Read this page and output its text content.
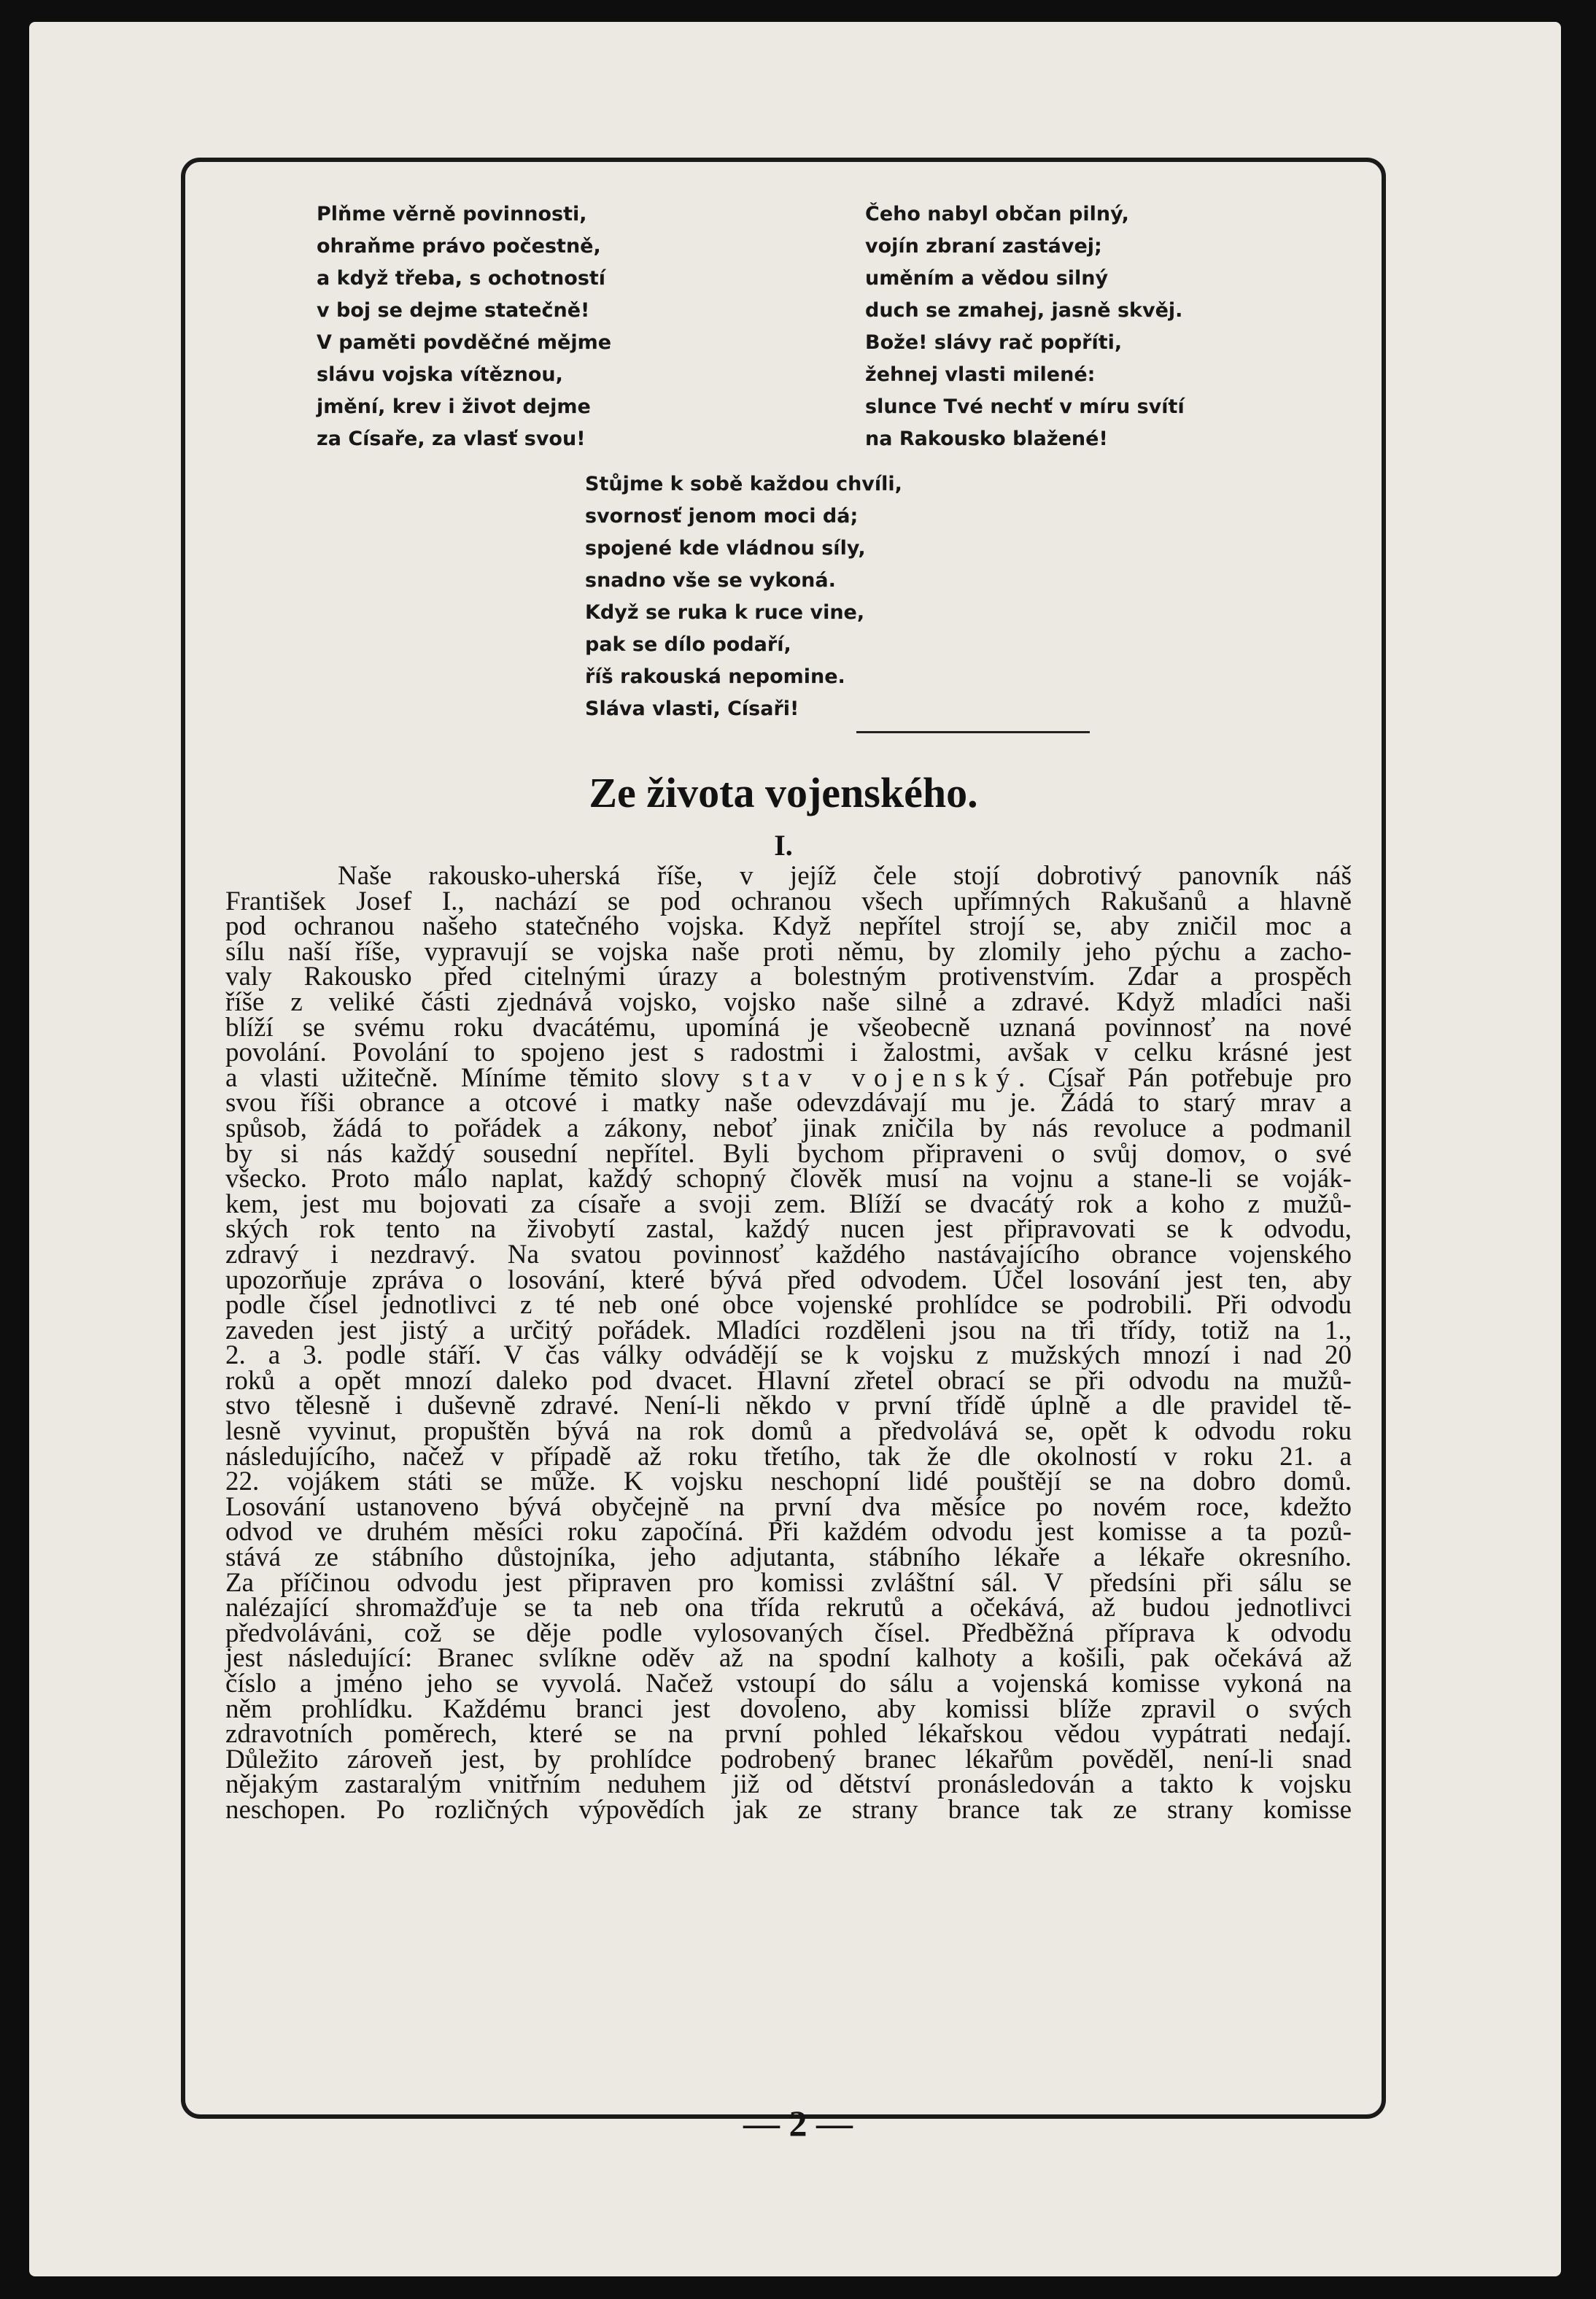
Plňme věrně povinnosti,
ohraňme právo počestně,
a když třeba, s ochotností
v boj se dejme statečně!
V paměti povděčné mějme
slávu vojska vítěznou,
jmění, krev i život dejme
za Císaře, za vlasť svou!
Čeho nabyl občan pilný,
vojín zbraní zastávej;
uměním a vědou silný
duch se zmahej, jasně skvěj.
Bože! slávy rač popříti,
žehnej vlasti milené:
slunce Tvé nechť v míru svítí
na Rakousko blažené!
Stůjme k sobě každou chvíli,
svornosť jenom moci dá;
spojené kde vládnou síly,
snadno vše se vykoná.
Když se ruka k ruce vine,
pak se dílo podaří,
říš rakouská nepomine.
Sláva vlasti, Císaři!
Ze života vojenského.
I.
Naše rakousko-uherská říše, v jejíž čele stojí dobrotivý panovník náš
František Josef I., nachází se pod ochranou všech upřímných Rakušanů a hlavně
pod ochranou našeho statečného vojska. Když nepřítel strojí se, aby zničil moc a
sílu naší říše, vypravují se vojska naše proti němu, by zlomily jeho pýchu a zacho-
valy Rakousko před citelnými úrazy a bolestným protivenstvím. Zdar a prospěch
říše z veliké části zjednává vojsko, vojsko naše silné a zdravé. Když mladíci naši
blíží se svému roku dvacátému, upomíná je všeobecně uznaná povinnosť na nové
povolání. Povolání to spojeno jest s radostmi i žalostmi, avšak v celku krásné jest
a vlasti užitečně. Míníme těmito slovy stav vojenský. Císař Pán potřebuje pro
svou říši obrance a otcové i matky naše odevzdávají mu je. Žádá to starý mrav a
spůsob, žádá to pořádek a zákony, neboť jinak zničila by nás revoluce a podmanil
by si nás každý sousední nepřítel. Byli bychom připraveni o svůj domov, o své
všecko. Proto málo naplat, každý schopný člověk musí na vojnu a stane-li se voják-
kem, jest mu bojovati za císaře a svoji zem. Blíží se dvacátý rok a koho z mužů-
ských rok tento na živobytí zastal, každý nucen jest připravovati se k odvodu,
zdravý i nezdravý. Na svatou povinnosť každého nastávajícího obrance vojenského
upozorňuje zpráva o losování, které bývá před odvodem. Účel losování jest ten, aby
podle čísel jednotlivci z té neb oné obce vojenské prohlídce se podrobili. Při odvodu
zaveden jest jistý a určitý pořádek. Mladíci rozděleni jsou na tři třídy, totiž na 1.,
2. a 3. podle stáří. V čas války odvádějí se k vojsku z mužských mnozí i nad 20
roků a opět mnozí daleko pod dvacet. Hlavní zřetel obrací se při odvodu na mužů-
stvo tělesně i duševně zdravé. Není-li někdo v první třídě úplně a dle pravidel tě-
lesně vyvinut, propuštěn bývá na rok domů a předvolává se, opět k odvodu roku
následujícího, načež v případě až roku třetího, tak že dle okolností v roku 21. a
22. vojákem státi se může. K vojsku neschopní lidé pouštějí se na dobro domů.
Losování ustanoveno bývá obyčejně na první dva měsíce po novém roce, kdežto
odvod ve druhém měsíci roku započíná. Při každém odvodu jest komisse a ta pozů-
stává ze stábního důstojníka, jeho adjutanta, stábního lékaře a lékaře okresního.
Za příčinou odvodu jest připraven pro komissi zvláštní sál. V předsíni při sálu se
nalézající shromažďuje se ta neb ona třída rekrutů a očekává, až budou jednotlivci
předvoláváni, což se děje podle vylosovaných čísel. Předběžná příprava k odvodu
jest následující: Branec svlíkne oděv až na spodní kalhoty a košili, pak očekává až
číslo a jméno jeho se vyvolá. Načež vstoupí do sálu a vojenská komisse vykoná na
něm prohlídku. Každému branci jest dovoleno, aby komissi blíže zpravil o svých
zdravotních poměrech, které se na první pohled lékařskou vědou vypátrati nedají.
Důležito zároveň jest, by prohlídce podrobený branec lékařům pověděl, není-li snad
nějakým zastaralým vnitřním neduhem již od dětství pronásledován a takto k vojsku
neschopen. Po rozličných výpovědích jak ze strany brance tak ze strany komisse
— 2 —
